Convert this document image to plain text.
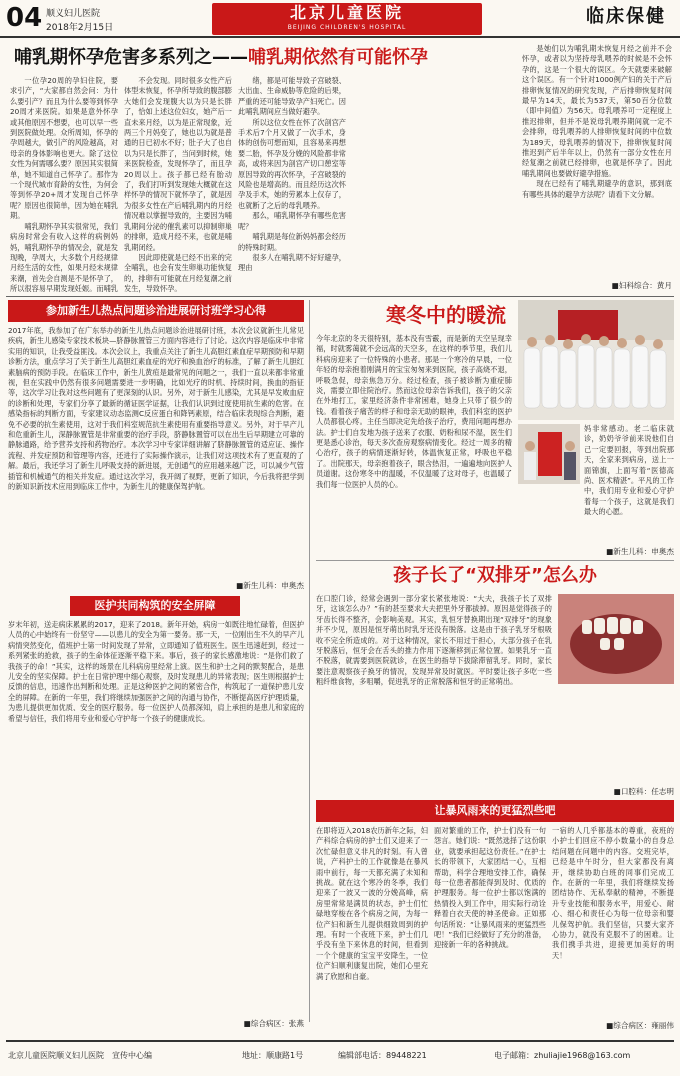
04 顺义妇儿医院
2018年2月15日
北京儿童医院
BEIJING CHILDREN'S HOSPITAL
临床保健
哺乳期怀孕危害多系列之——哺乳期依然有可能怀孕

一位孕20周的孕妇住院，要求引产，“大家都自然会问：为什么要引产？而且为什么要等到怀孕20周才来医院。如果是意外怀孕或其他原因不想要，也可以早一些到医院做处理。众所周知，怀孕的孕周越大，做引产的风险越高，对母亲的身体影响也更大。除了这位女性为何需哪么要？原因其实很简单，她不知道自己怀孕了。那作为一个现代城市育龄的女性，为何会等到怀孕20+周才发现自己怀孕呢？原因也很简单，因为她在哺乳期。

哺乳期怀孕其实很常见，我们病房时常会有收入这样的病例妈妈，哺乳期怀孕的情况会，就是发现晚，孕周大，大多数个月经规律月经生活的女性，如果月经未规律来潮，首先会自测是不是怀孕了，所以很容易早期发现妊娠。而哺乳

不会发现。同时很多女性产后体型未恢复，怀孕所导致的腹部膨大她们会发现腹大以为只是长胖了，恰如上述这位妇女，她产后一直未来月经，以为是正常现象，近两三个月妈变了，她也以为就是普通的日已初水不好；肚子大了也自以为只是长胖了，当问到时候，她来医院检查，发现怀孕了，而且孕20周以上。孩子都已经有胎动了，我们打听到发现她大概就在这样怀孕的情况下就怀孕了，就是因为很多女性在产后哺乳期内的月经情况难以掌握导致的，主要因为哺乳期间分泌的催乳素可以抑制卵巢的排卵，造成月经不来，也就是哺乳期闭经。

因此即使就是已经不出来的完全哺乳，也会有发生卵巢功能恢复的，排卵有可能就在月经复潮之前发生，导致怀孕。

绪，都是可能导致子宫破裂、大出血、生命威胁等危险的后果，严重的还可能导致孕产妇死亡。因此哺乳期间应当做好避孕。

所以这位女性在怀了次剖宫产手术后7个月又做了一次手术，身体的创伤可想而知，且容易来再想要二胎，怀孕及分娩的风险都非常高，或将来因为剖宫产切口憩室等原因导致的再次怀孕，子宫破裂的风险也是增高的。而且经历这次怀孕及手术，她的劳累本上仅存了，也就断了之后的母乳喂养。

那么，哺乳期怀孕有哪些危害呢？

哺乳期是每位新妈妈都会经历的特殊时期。

很多人在哺乳期不好好避孕，理由

是她们以为哺乳期未恢复月经之前并不会怀孕，或者以为坚持母乳喂养的时候是不会怀孕的，这是一个很大的误区。今天就要来破解这个误区。有一个针对1000例产妇的关于产后排卵恢复情况的研究发现，产后排卵恢复时间最早为14天，最长为537天，第50百分位数（即中间值）为56天。母乳喂养可一定程度上推迟排卵，但并不是说母乳喂养期间就一定不会排卵，母乳喂养的人排卵恢复时间的中位数为189天，母乳喂养的情况下，排卵恢复时间推迟到产后半年以上，仍然有一部分女性在月经复潮之前就已经排卵，也就是怀孕了。因此哺乳期间也要做好避孕措施。

现在已经有了哺乳期避孕的意识，那到底有哪些具体的避孕方法呢？请看下文分解。

■妇科综合：黄月
参加新生儿热点问题诊治进展研讨班学习心得
2017年底，我参加了在广东举办的新生儿热点问题诊治进展研讨班，本次会议就新生儿常见疾病，新生儿感染专家技术板块—脐静脉置管三方面内容进行了讨论。这次内容是临床中非常实用的知识，让我受益匪浅。本次会议上，我重点关注了新生儿高胆红素血症早期预防和早期诊断方法，重点学习了关于新生儿高胆红素血症的光疗和换血治疗的标准，了解了新生儿胆红素脑病的预防手段。在临床工作中，新生儿黄疸是最常见的问题之一，我们一直以来都非常重视，但在实践中仍然有很多问题需要进一步明确，比如光疗的时机、持续时间，换血的指征等，这次学习让我对这些问题有了更深刻的认识。另外，对于新生儿感染，尤其是早发败血症的诊断和处理，专家们分享了最新的循证医学证据，让我们认识到过度使用抗生素的危害。在感染指标的判断方面，专家建议动态监测C反应蛋白和降钙素原，结合临床表现综合判断，避免不必要的抗生素使用，这对于我们科室规范抗生素使用有重要指导意义。另外，对于早产儿和危重新生儿，深静脉置管是非常重要的治疗手段，脐静脉置管可以在出生后早期建立可靠的静脉通路，给予营养支持和药物治疗。本次学习中专家详细讲解了脐静脉置管的适应证、操作流程、并发症预防和管理等内容，还进行了实际操作演示，让我们对这项技术有了更直观的了解。最后，我还学习了新生儿呼吸支持的新进展，无创通气的应用越来越广泛，可以减少气管插管和机械通气的相关并发症。通过这次学习，我开阔了视野，更新了知识，今后我将把学到的新知识新技术应用到临床工作中，为新生儿的健康保驾护航。
■新生儿科：申奥杰
医护共同构筑的安全屏障
岁末年初，送走病床累累的2017，迎来了2018。新年开始，病房一如既往地忙碌着，但医护人员的心中始终有一份坚守——以患儿的安全为第一要务。那一天，一位刚出生不久的早产儿病情突然变化，值班护士第一时间发现了异常，立即通知了值班医生。医生迅速赶到，经过一系列紧张的抢救，孩子的生命体征逐渐平稳下来。事后，孩子的家长感激地说：“是你们救了我孩子的命！”其实，这样的场景在儿科病房里经常上演。医生和护士之间的默契配合，是患儿安全的坚实保障。护士在日常护理中细心观察，及时发现患儿的异常表现；医生则根据护士反馈的信息，迅速作出判断和处理。正是这种医护之间的紧密合作，构筑起了一道保护患儿安全的屏障。在新的一年里，我们将继续加强医护之间的沟通与协作，不断提高医疗护理质量，为患儿提供更加优质、安全的医疗服务。每一位医护人员都深知，肩上承担的是患儿和家庭的希望与信任，我们将用专业和爱心守护每一个孩子的健康成长。
■综合病区：张燕
寒冬中的暖流
今年北京的冬天很特别，基本没有雪霰，而是新的天空呈现幸福，时就雾蔼就不会远高的天空多，在这样的季节里，我们儿科病房迎来了一位特殊的小患者。那是一个寒冷的早晨，一位年轻的母亲抱着刚满月的宝宝匆匆来到医院，孩子高烧不退，呼吸急促，母亲焦急万分。经过检查，孩子被诊断为重症肺炎，需要立即住院治疗。然而这位母亲告诉我们，孩子的父亲在外地打工，家里经济条件非常困难，她身上只带了很少的钱。看着孩子痛苦的样子和母亲无助的眼神，我们科室的医护人员都很心疼。主任当即决定先给孩子治疗，费用问题再想办法。护士们自发地为孩子送来了衣服、奶粉和尿不湿，医生们更是悉心诊治，每天多次查房观察病情变化。经过一周多的精心治疗，孩子的病情逐渐好转，体温恢复正常，呼吸也平稳了。出院那天，母亲抱着孩子，眼含热泪，一遍遍地向医护人员道谢。这份寒冬中的温暖，不仅温暖了这对母子，也温暖了我们每一位医护人员的心。
妈非常感动。老二临床就诊，奶奶爷爷前来说他们自己一定要回报，等到出院那天，全家来到病房，送上一面锦旗，上面写着“医德高尚、医术精湛”。平凡的工作中，我们用专业和爱心守护着每一个孩子，这就是我们最大的心愿。
■新生儿科：申奥杰
孩子长了“双排牙”怎么办
在口腔门诊，经常会遇到一部分家长紧张地说：“大夫，我孩子长了双排牙，这该怎么办？”有的甚至要求大夫把里外牙都拔掉。原因是觉得孩子的牙齿长得不整齐，会影响美观。其实，乳恒牙替换期出现“双排牙”的现象并不少见，原因是恒牙萌出时乳牙还没有脱落。这是由于孩子乳牙牙根吸收不完全所造成的。对于这种情况，家长不用过于担心，大部分孩子在乳牙脱落后，恒牙会在舌头的推力作用下逐渐移到正常位置。如果乳牙一直不脱落，就需要到医院就诊，在医生的指导下拔除滞留乳牙。同时，家长要注意观察孩子换牙的情况，发现异常及时就医。平时要让孩子多吃一些粗纤维食物，多咀嚼，促进乳牙的正常脱落和恒牙的正常萌出。
■口腔科：任志明
让暴风雨来的更猛烈些吧
在即将迈入2018农历新年之际，妇产科综合病房的护士们又迎来了一次忙碌但意义非凡的时刻。有人曾说，产科护士的工作就像是在暴风雨中前行，每一天都充满了未知和挑战。就在这个寒冷的冬季，我们迎来了一波又一波的分娩高峰，病房里常常是满员的状态，护士们忙碌地穿梭在各个病房之间，为每一位产妇和新生儿提供细致周到的护理。有时一个夜班下来，护士们几乎没有坐下来休息的时间，但看到一个个健康的宝宝平安降生，一位位产妇顺利康复出院，她们心里充满了欣慰和自豪。
面对繁重的工作，护士们没有一句怨言。她们说：“既然选择了这份职业，就要承担起这份责任。”在护士长的带领下，大家团结一心，互相帮助，科学合理地安排工作，确保每一位患者都能得到及时、优质的护理服务。每一位护士都以饱满的热情投入到工作中，用实际行动诠释着白衣天使的神圣使命。正如那句话所说：“让暴风雨来的更猛烈些吧！”我们已经做好了充分的准备，迎接新一年的各种挑战。
一宿的人几乎都基本的尊重，夜班的小护士们回应不停小数量小的自身总结问题在问题中的内容。交班完毕，已经是中午时分，但大家都没有离开，继续协助白班的同事们完成工作。在新的一年里，我们将继续发扬团结协作、无私奉献的精神，不断提升专业技能和服务水平，用爱心、耐心、细心和责任心为每一位母亲和婴儿保驾护航。我们坚信，只要大家齐心协力，就没有克服不了的困难。让我们携手共进，迎接更加美好的明天！
■综合病区：雍丽伟
北京儿童医院顺义妇儿医院　宣传中心编	地址：顺康路1号	编辑部电话：89448221	电子邮箱：zhuliajie1968@163.com
